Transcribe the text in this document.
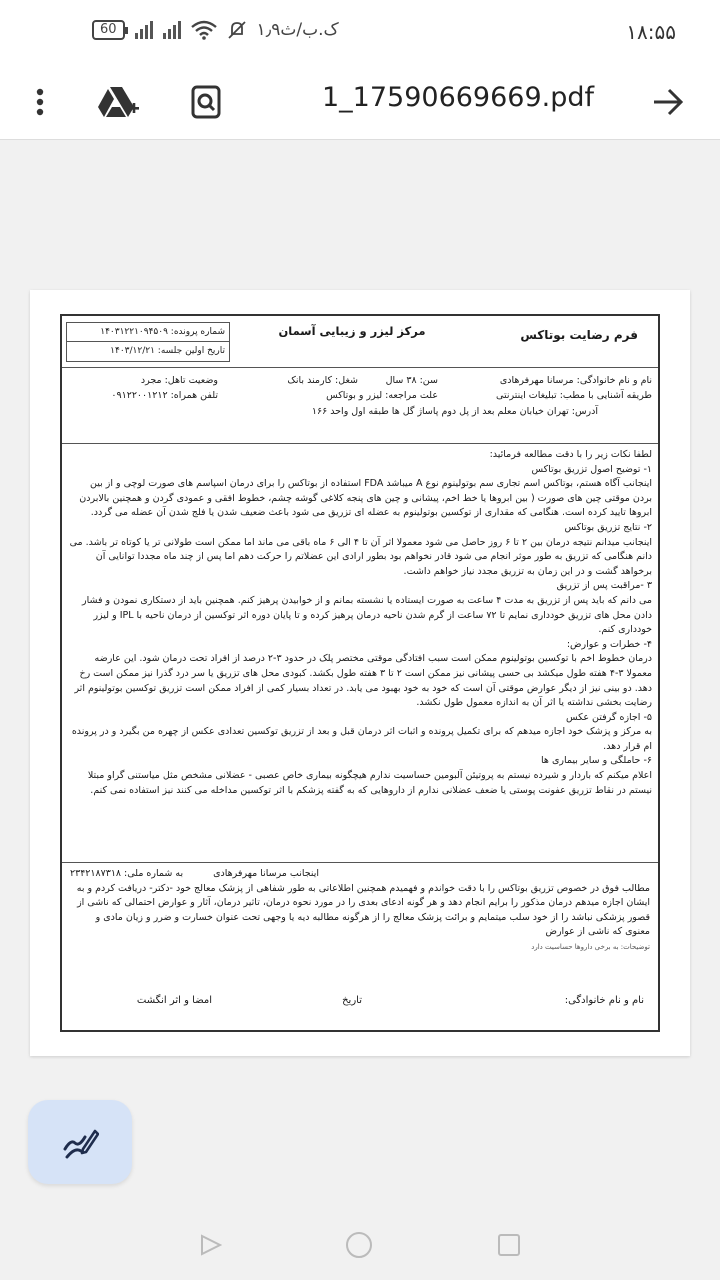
60	۱٫۹ک.ب/ث	۱۸:۵۵
1_17590669669.pdf
شماره پرونده: ۱۴۰۳۱۲۲۱۰۹۴۵۰۹
تاریخ اولین جلسه: ۱۴۰۳/۱۲/۲۱
مرکز لیزر و زیبایی آسمان	فرم رضایت بوتاکس
نام و نام خانوادگی: مرسانا مهرفرهادی
سن: ۳۸ سال
شغل: کارمند بانک
وضعیت تاهل: مجرد
طریقه آشنایی با مطب: تبلیغات اینترنتی
علت مراجعه: لیزر و بوتاکس
تلفن همراه: ۰۹۱۲۲۰۰۱۲۱۲
آدرس: تهران خیابان معلم بعد از پل دوم پاساژ گل ها طبقه اول واحد ۱۶۶

لطفا نکات زیر را با دقت مطالعه فرمائید:

۱- توضیح اصول تزریق بوتاکس

اینجانب آگاه هستم، بوتاکس اسم تجاری سم بوتولینوم نوع A میباشد FDA استفاده از بوتاکس را برای درمان اسپاسم های صورت لوچی و از بین بردن موقتی چین های صورت ( بین ابروها یا خط اخم، پیشانی و چین های پنجه کلاغی گوشه چشم، خطوط افقی و عمودی گردن و همچنین بالابردن ابروها تایید کرده است. هنگامی که مقداری از توکسین بوتولینوم به عضله ای تزریق می شود باعث ضعیف شدن یا فلج شدن آن عضله می گردد.

۲- نتایج تزریق بوتاکس

اینجانب میدانم نتیجه درمان بین ۲ تا ۶ روز حاصل می شود معمولا اثر آن تا ۴ الی ۶ ماه باقی می ماند اما ممکن است طولانی تر یا کوتاه تر باشد. می دانم هنگامی که تزریق به طور موثر انجام می شود قادر نخواهم بود بطور ارادی این عضلاتم را حرکت دهم اما پس از چند ماه مجددا توانایی آن برخواهد گشت و در این زمان به تزریق مجدد نیاز خواهم داشت.

۳ -مراقبت پس از تزریق

می دانم که باید پس از تزریق به مدت ۴ ساعت به صورت ایستاده یا نشسته بمانم و از خوابیدن پرهیز کنم. همچنین باید از دستکاری نمودن و فشار دادن محل های تزریق خودداری نمایم تا ۷۲ ساعت از گرم شدن ناحیه درمان پرهیز کرده و تا پایان دوره اثر توکسین از درمان ناحیه با IPL و لیزر خودداری کنم.

۴- خطرات و عوارض:

درمان خطوط اخم با توکسین بوتولینوم ممکن است سبب افتادگی موقتی مختصر پلک در حدود ۳-۲ درصد از افراد تحت درمان شود. این عارضه معمولا ۳-۴ هفته طول میکشد بی حسی پیشانی نیز ممکن است ۲ تا ۳ هفته طول بکشد. کبودی محل های تزریق یا سر درد گذرا نیز ممکن است رخ دهد. دو بینی نیز از دیگر عوارض موقتی آن است که خود به خود بهبود می یابد. در تعداد بسیار کمی از افراد ممکن است تزریق توکسین بوتولینوم اثر رضایت بخشی نداشته یا اثر آن به اندازه معمول طول نکشد.

۵- اجازه گرفتن عکس

به مرکز و پزشک خود اجازه میدهم که برای تکمیل پرونده و اثبات اثر درمان قبل و بعد از تزریق توکسین تعدادی عکس از چهره من بگیرد و در پرونده ام قرار دهد.

۶- حاملگی و سایر بیماری ها

اعلام میکنم که باردار و شیرده نیستم به پروتیئن آلبومین حساسیت ندارم هیچگونه بیماری خاص عصبی - عضلانی مشخص مثل میاستنی گراو مبتلا نیستم در نقاط تزریق عفونت پوستی یا ضعف عضلانی ندارم از داروهایی که به گفته پزشکم با اثر توکسین مداخله می کنند نیز استفاده نمی کنم.

اینجانب مرسانا مهرفرهادی
به شماره ملی: ۲۳۴۲۱۸۷۳۱۸

مطالب فوق در خصوص تزریق بوتاکس را با دقت خواندم و فهمیدم همچنین اطلاعاتی به طور شفاهی از پزشک معالج خود -دکتر- دریافت کردم و به ایشان اجازه میدهم درمان مذکور را برایم انجام دهد و هر گونه ادعای بعدی را در مورد نحوه درمان، تاثیر درمان، آثار و عوارض احتمالی که ناشی از قصور پزشکی نباشد را از خود سلب میتمایم و برائت پزشک معالج را از هرگونه مطالبه دیه یا وجهی تحت عنوان خسارت و ضرر و زیان مادی و معنوی که ناشی از عوارض

توضیحات: به برخی داروها حساسیت دارد

نام و نام خانوادگی:
تاریخ
امضا و اثر انگشت
